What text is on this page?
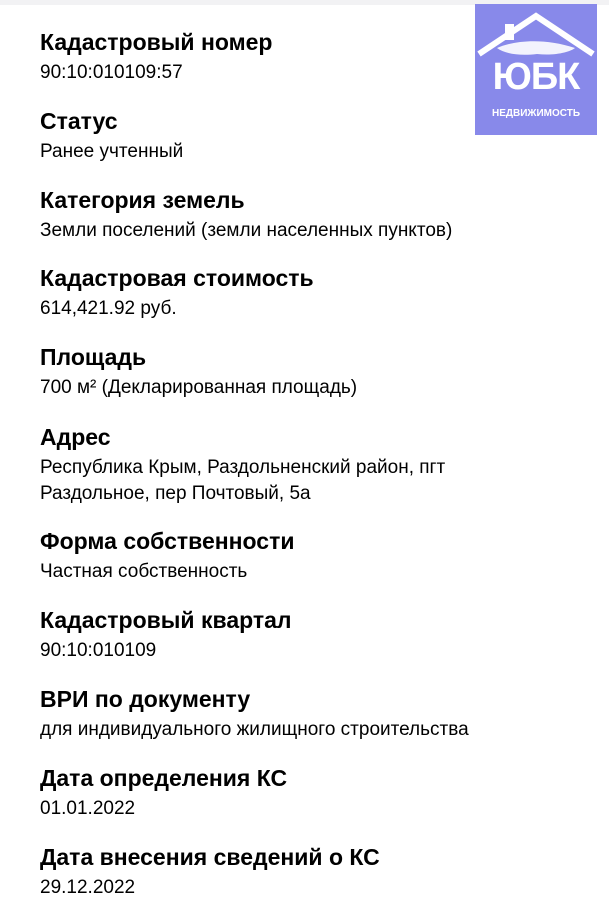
ЮБК
НЕДВИЖИМОСТЬ
Кадастровый номер
90:10:010109:57
Статус
Ранее учтенный
Категория земель
Земли поселений (земли населенных пунктов)
Кадастровая стоимость
614,421.92 руб.
Площадь
700 м² (Декларированная площадь)
Адрес
Республика Крым, Раздольненский район, пгт
Раздольное, пер Почтовый, 5а
Форма собственности
Частная собственность
Кадастровый квартал
90:10:010109
ВРИ по документу
для индивидуального жилищного строительства
Дата определения КС
01.01.2022
Дата внесения сведений о КС
29.12.2022
